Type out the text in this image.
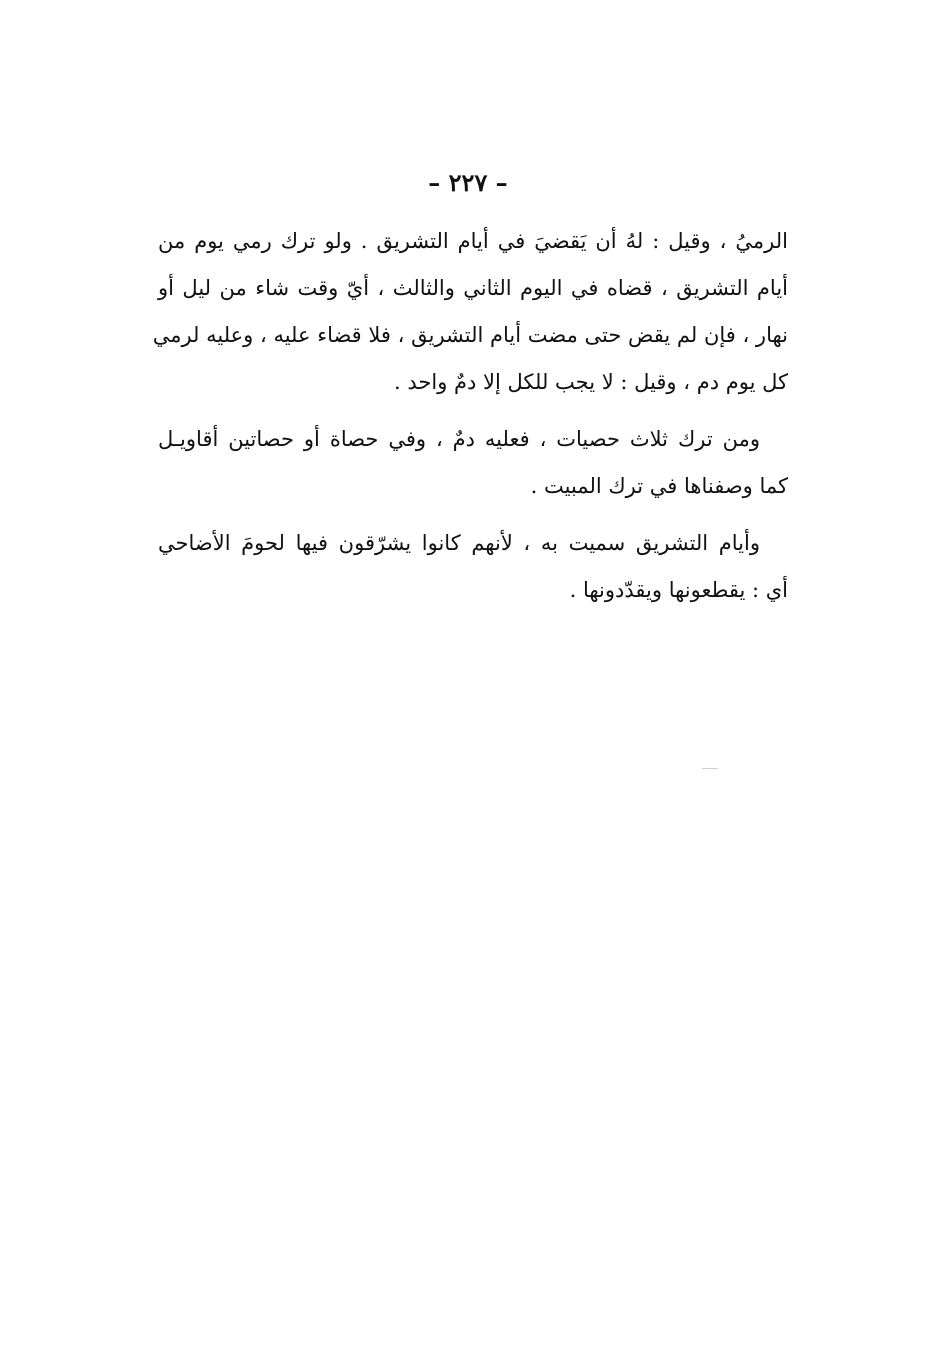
– ٢٢٧ –
الرميُ ، وقيل : لهُ أن يَقضيَ في أيام التشريق . ولو ترك رمي يوم من
أيام التشريق ، قضاه في اليوم الثاني والثالث ، أيّ وقت شاء من ليل أو
نهار ، فإن لم يقض حتى مضت أيام التشريق ، فلا قضاء عليه ، وعليه لرمي
كل يوم دم ، وقيل : لا يجب للكل إلا دمٌ واحد .
ومن ترك ثلاث حصيات ، فعليه دمٌ ، وفي حصاة أو حصاتين أقاويـل
كما وصفناها في ترك المبيت .
وأيام التشريق سميت به ، لأنهم كانوا يشرّقون فيها لحومَ الأضاحي
أي : يقطعونها ويقدّدونها .
